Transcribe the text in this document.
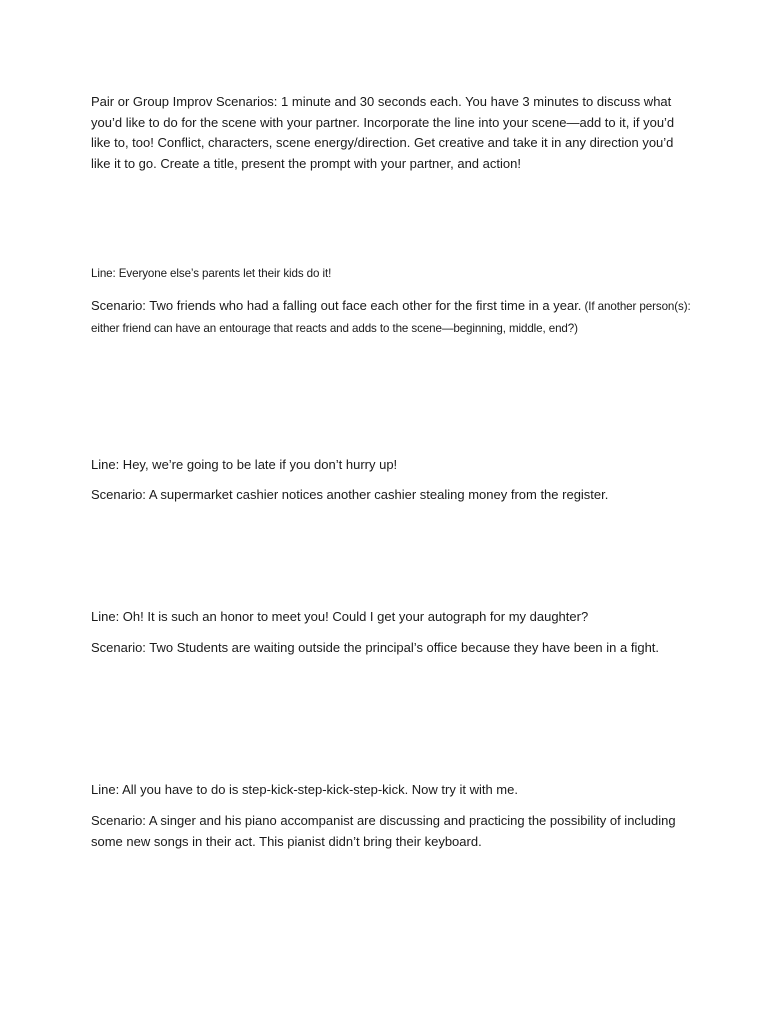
Pair or Group Improv Scenarios: 1 minute and 30 seconds each. You have 3 minutes to discuss what you’d like to do for the scene with your partner. Incorporate the line into your scene—add to it, if you’d like to, too! Conflict, characters, scene energy/direction. Get creative and take it in any direction you’d like it to go. Create a title, present the prompt with your partner, and action!

Line: Everyone else’s parents let their kids do it!

Scenario: Two friends who had a falling out face each other for the first time in a year. (If another person(s): either friend can have an entourage that reacts and adds to the scene—beginning, middle, end?)

Line: Hey, we’re going to be late if you don’t hurry up!

Scenario: A supermarket cashier notices another cashier stealing money from the register.

Line: Oh! It is such an honor to meet you! Could I get your autograph for my daughter?

Scenario: Two Students are waiting outside the principal’s office because they have been in a fight.

Line: All you have to do is step-kick-step-kick-step-kick. Now try it with me.

Scenario: A singer and his piano accompanist are discussing and practicing the possibility of including some new songs in their act. This pianist didn’t bring their keyboard.
